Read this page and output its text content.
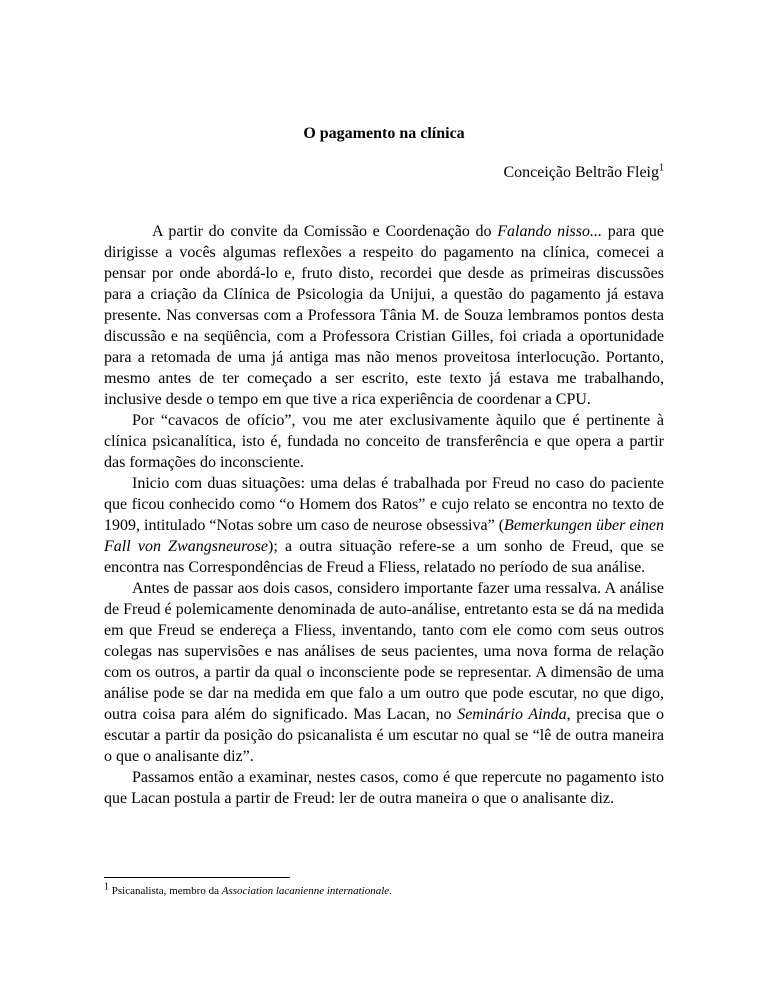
O pagamento na clínica
Conceição Beltrão Fleig$^1$

A partir do convite da Comissão e Coordenação do Falando nisso... para que dirigisse a vocês algumas reflexões a respeito do pagamento na clínica, comecei a pensar por onde abordá-lo e, fruto disto, recordei que desde as primeiras discussões para a criação da Clínica de Psicologia da Unijui, a questão do pagamento já estava presente. Nas conversas com a Professora Tânia M. de Souza lembramos pontos desta discussão e na seqüência, com a Professora Cristian Gilles, foi criada a oportunidade para a retomada de uma já antiga mas não menos proveitosa interlocução. Portanto, mesmo antes de ter começado a ser escrito, este texto já estava me trabalhando, inclusive desde o tempo em que tive a rica experiência de coordenar a CPU.

Por “cavacos de ofício”, vou me ater exclusivamente àquilo que é pertinente à clínica psicanalítica, isto é, fundada no conceito de transferência e que opera a partir das formações do inconsciente.

Inicio com duas situações: uma delas é trabalhada por Freud no caso do paciente que ficou conhecido como “o Homem dos Ratos” e cujo relato se encontra no texto de 1909, intitulado “Notas sobre um caso de neurose obsessiva” (Bemerkungen über einen Fall von Zwangsneurose); a outra situação refere-se a um sonho de Freud, que se encontra nas Correspondências de Freud a Fliess, relatado no período de sua análise.

Antes de passar aos dois casos, considero importante fazer uma ressalva. A análise de Freud é polemicamente denominada de auto-análise, entretanto esta se dá na medida em que Freud se endereça a Fliess, inventando, tanto com ele como com seus outros colegas nas supervisões e nas análises de seus pacientes, uma nova forma de relação com os outros, a partir da qual o inconsciente pode se representar. A dimensão de uma análise pode se dar na medida em que falo a um outro que pode escutar, no que digo, outra coisa para além do significado. Mas Lacan, no Seminário Ainda, precisa que o escutar a partir da posição do psicanalista é um escutar no qual se “lê de outra maneira o que o analisante diz”.

Passamos então a examinar, nestes casos, como é que repercute no pagamento isto que Lacan postula a partir de Freud: ler de outra maneira o que o analisante diz.

$^1$ Psicanalista, membro da Association lacanienne internationale.
